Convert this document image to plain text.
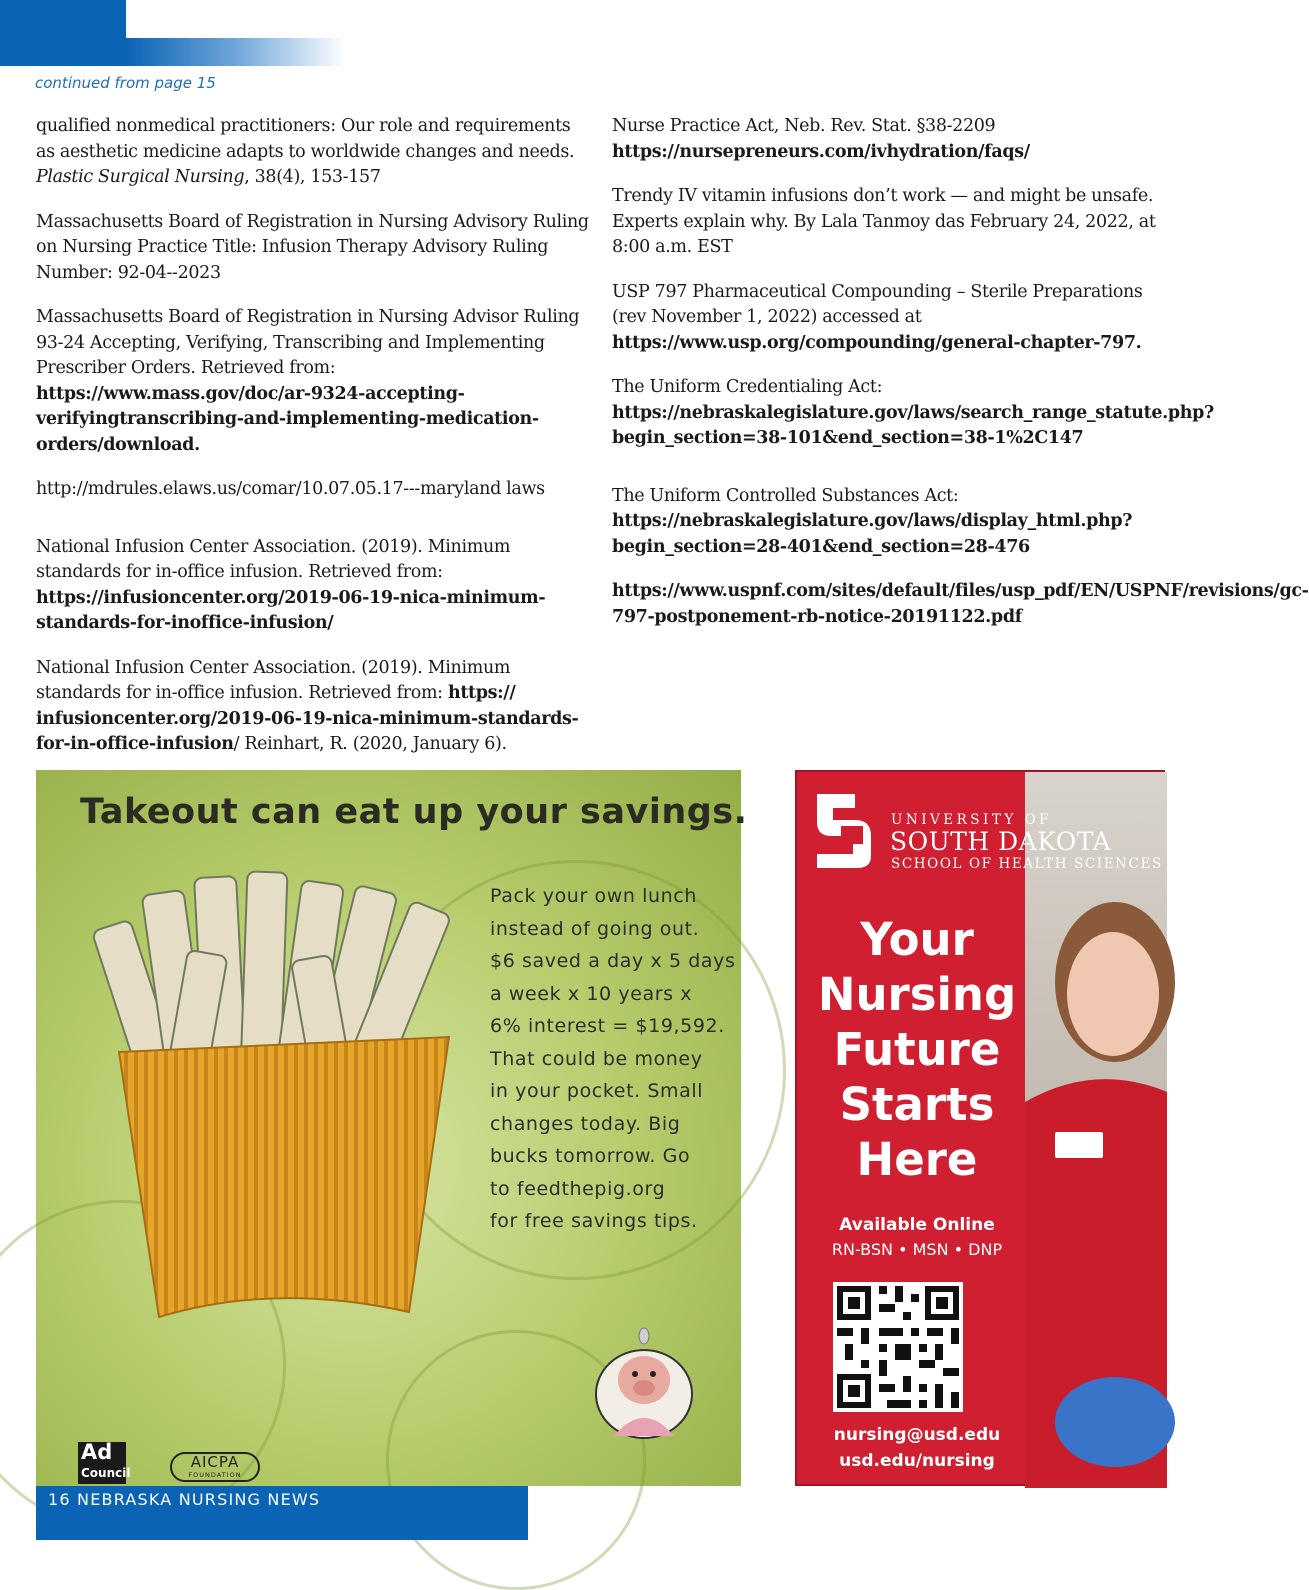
continued from page 15
qualified nonmedical practitioners: Our role and requirements
as aesthetic medicine adapts to worldwide changes and needs.
Plastic Surgical Nursing, 38(4), 153-157
Massachusetts Board of Registration in Nursing Advisory Ruling on Nursing Practice Title: Infusion Therapy Advisory Ruling Number: 92-04--2023
Massachusetts Board of Registration in Nursing Advisor Ruling 93-24 Accepting, Verifying, Transcribing and Implementing Prescriber Orders. Retrieved from: https://www.mass.gov/doc/ar-9324-accepting-verifyingtranscribing-and-implementing-medication-orders/download.
http://mdrules.elaws.us/comar/10.07.05.17---maryland laws
National Infusion Center Association. (2019). Minimum standards for in-office infusion. Retrieved from: https://infusioncenter.org/2019-06-19-nica-minimum-standards-for-inoffice-infusion/
National Infusion Center Association. (2019). Minimum standards for in-office infusion. Retrieved from: https:// infusioncenter.org/2019-06-19-nica-minimum-standards-for-in-office-infusion/ Reinhart, R. (2020, January 6).
Nurse Practice Act, Neb. Rev. Stat. §38-2209
https://nursepreneurs.com/ivhydration/faqs/
Trendy IV vitamin infusions don’t work — and might be unsafe. Experts explain why. By Lala Tanmoy das February 24, 2022, at 8:00 a.m. EST
USP 797 Pharmaceutical Compounding – Sterile Preparations (rev November 1, 2022) accessed at https://www.usp.org/compounding/general-chapter-797.
The Uniform Credentialing Act:
https://nebraskalegislature.gov/laws/search_range_statute.php?begin_section=38-101&end_section=38-1%2C147
The Uniform Controlled Substances Act:
https://nebraskalegislature.gov/laws/display_html.php?begin_section=28-401&end_section=28-476
https://www.uspnf.com/sites/default/files/usp_pdf/EN/USPNF/revisions/gc-797-postponement-rb-notice-20191122.pdf
Takeout can eat up your savings.

Pack your own lunch

instead of going out.

$6 saved a day x 5 days

a week x 10 years x

6% interest = $19,592.

That could be money

in your pocket. Small

changes today. Big

bucks tomorrow. Go

to feedthepig.org

for free savings tips.

Ad
Council
AICPA
FOUNDATION
UNIVERSITY OF
SOUTH DAKOTA
SCHOOL OF HEALTH SCIENCES
Your
Nursing
Future
Starts
Here
Available Online
RN-BSN • MSN • DNP
nursing@usd.edu
usd.edu/nursing
16 NEBRASKA NURSING NEWS
